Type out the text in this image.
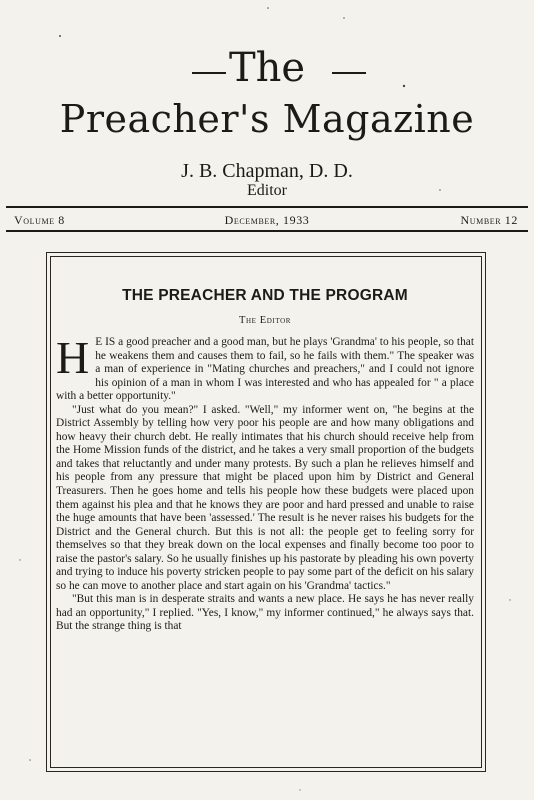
The
Preacher's Magazine
J. B. Chapman, D. D.
Editor
Volume 8	December, 1933	Number 12
THE PREACHER AND THE PROGRAM
The Editor

H E IS a good preacher and a good man, but he plays 'Grandma' to his people, so that he weakens them and causes them to fail, so he fails with them." The speaker was a man of experience in "Mating churches and preachers," and I could not ignore his opinion of a man in whom I was interested and who has appealed for " a place with a better opportunity."

"Just what do you mean?" I asked. "Well," my informer went on, "he begins at the District Assembly by telling how very poor his people are and how many obligations and how heavy their church debt. He really intimates that his church should receive help from the Home Mission funds of the district, and he takes a very small proportion of the budgets and takes that reluctantly and under many protests. By such a plan he relieves himself and his people from any pressure that might be placed upon him by District and General Treasurers. Then he goes home and tells his people how these budgets were placed upon them against his plea and that he knows they are poor and hard pressed and unable to raise the huge amounts that have been 'assessed.' The result is he never raises his budgets for the District and the General church. But this is not all: the people get to feeling sorry for themselves so that they break down on the local expenses and finally become too poor to raise the pastor's salary. So he usually finishes up his pastorate by pleading his own poverty and trying to induce his poverty stricken people to pay some part of the deficit on his salary so he can move to another place and start again on his 'Grandma' tactics."

"But this man is in desperate straits and wants a new place. He says he has never really had an opportunity," I replied. "Yes, I know," my informer continued," he always says that. But the strange thing is that
